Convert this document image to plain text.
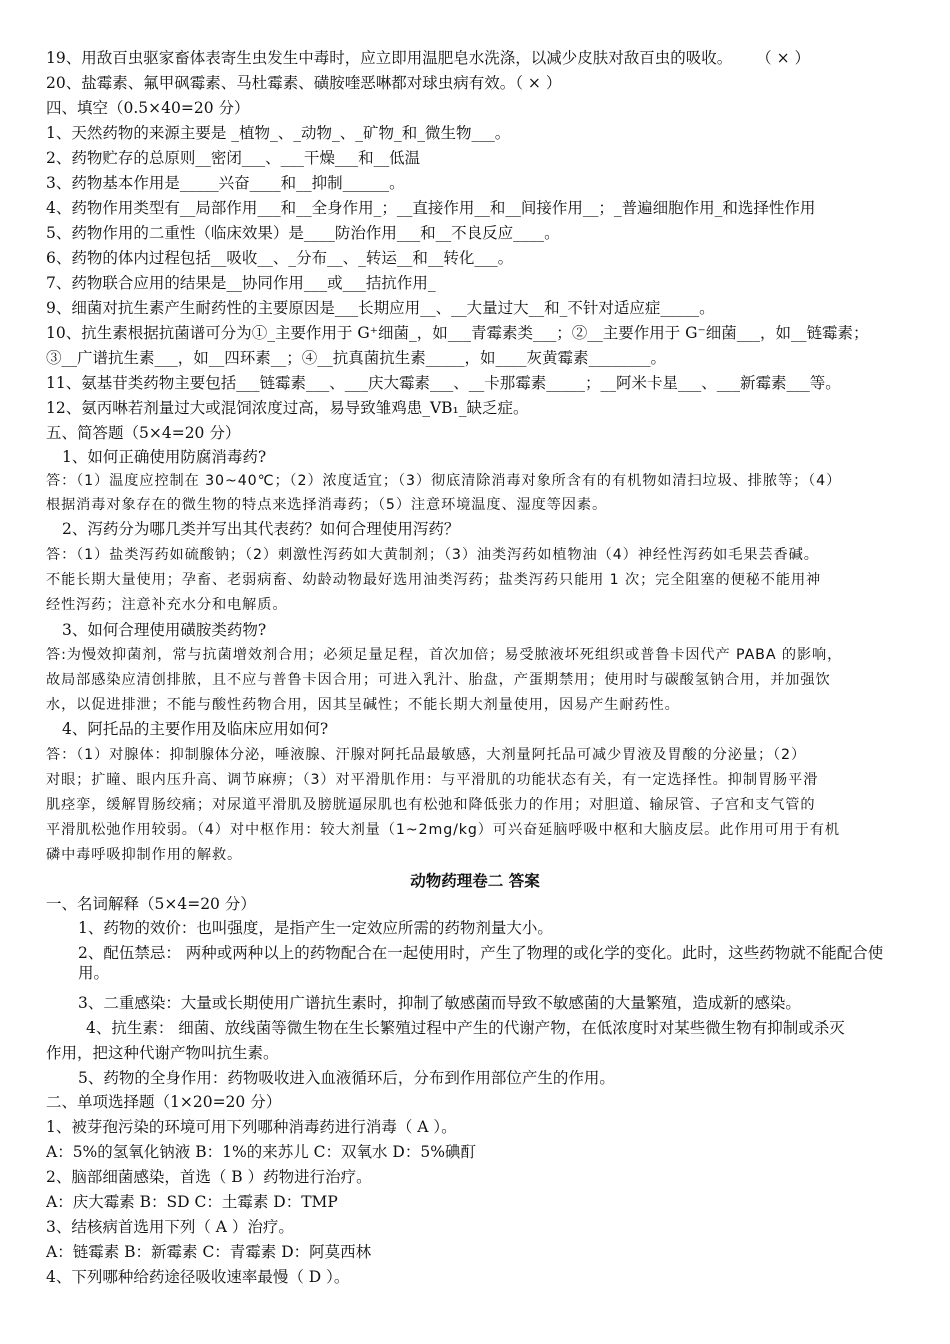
19、用敌百虫驱家畜体表寄生虫发生中毒时，应立即用温肥皂水洗涤，以减少皮肤对敌百虫的吸收。 （ × ）
20、盐霉素、氟甲砜霉素、马杜霉素、磺胺喹恶啉都对球虫病有效。（ × ）
四、填空（0.5×40=20 分）
1、天然药物的来源主要是 _植物_、_动物_、_矿物_和_微生物___。
2、药物贮存的总原则__密闭___、___干燥___和__低温
3、药物基本作用是_____兴奋____和__抑制______。
4、药物作用类型有__局部作用___和__全身作用_；__直接作用__和__间接作用__；_普遍细胞作用_和选择性作用
5、药物作用的二重性（临床效果）是____防治作用___和__不良反应____。
6、药物的体内过程包括__吸收__、_分布__、_转运__和__转化___。
7、药物联合应用的结果是__协同作用___或___拮抗作用_
9、细菌对抗生素产生耐药性的主要原因是___长期应用__、__大量过大__和_不针对适应症_____。
10、抗生素根据抗菌谱可分为①_主要作用于 G⁺细菌_，如___青霉素类___；②__主要作用于 G⁻细菌___，如__链霉素；
③__广谱抗生素___，如__四环素__；④__抗真菌抗生素_____，如____灰黄霉素________。
11、氨基苷类药物主要包括___链霉素___、___庆大霉素___、__卡那霉素_____；__阿米卡星___、___新霉素___等。
12、氨丙啉若剂量过大或混饲浓度过高，易导致雏鸡患_VB₁_缺乏症。
五、简答题（5×4=20 分）
1、如何正确使用防腐消毒药?
答：（1）温度应控制在 30~40℃；（2）浓度适宜；（3）彻底清除消毒对象所含有的有机物如清扫垃圾、排脓等；（4）
根据消毒对象存在的微生物的特点来选择消毒药；（5）注意环境温度、湿度等因素。
2、泻药分为哪几类并写出其代表药？如何合理使用泻药？
答：（1）盐类泻药如硫酸钠；（2）刺激性泻药如大黄制剂；（3）油类泻药如植物油（4）神经性泻药如毛果芸香碱。
不能长期大量使用；孕畜、老弱病畜、幼龄动物最好选用油类泻药；盐类泻药只能用 1 次；完全阻塞的便秘不能用神
经性泻药；注意补充水分和电解质。
3、如何合理使用磺胺类药物?
答:为慢效抑菌剂，常与抗菌增效剂合用；必须足量足程，首次加倍；易受脓液坏死组织或普鲁卡因代产 PABA 的影响，
故局部感染应清创排脓，且不应与普鲁卡因合用；可进入乳汁、胎盘，产蛋期禁用；使用时与碳酸氢钠合用，并加强饮
水，以促进排泄；不能与酸性药物合用，因其呈碱性；不能长期大剂量使用，因易产生耐药性。
4、阿托品的主要作用及临床应用如何?
答：（1）对腺体：抑制腺体分泌，唾液腺、汗腺对阿托品最敏感，大剂量阿托品可减少胃液及胃酸的分泌量；（2）
对眼；扩瞳、眼内压升高、调节麻痹；（3）对平滑肌作用：与平滑肌的功能状态有关，有一定选择性。抑制胃肠平滑
肌痉挛，缓解胃肠绞痛；对尿道平滑肌及膀胱逼尿肌也有松弛和降低张力的作用；对胆道、输尿管、子宫和支气管的
平滑肌松弛作用较弱。（4）对中枢作用：较大剂量（1~2mg/kg）可兴奋延脑呼吸中枢和大脑皮层。此作用可用于有机
磷中毒呼吸抑制作用的解救。
动物药理卷二 答案
一、名词解释（5×4=20 分）
1、药物的效价：也叫强度，是指产生一定效应所需的药物剂量大小。
2、配伍禁忌： 两种或两种以上的药物配合在一起使用时，产生了物理的或化学的变化。此时，这些药物就不能配合使用。
3、二重感染：大量或长期使用广谱抗生素时，抑制了敏感菌而导致不敏感菌的大量繁殖，造成新的感染。
4、抗生素： 细菌、放线菌等微生物在生长繁殖过程中产生的代谢产物，在低浓度时对某些微生物有抑制或杀灭
作用，把这种代谢产物叫抗生素。
5、药物的全身作用：药物吸收进入血液循环后，分布到作用部位产生的作用。
二、单项选择题（1×20=20 分）
1、被芽孢污染的环境可用下列哪种消毒药进行消毒（ A ）。
A：5%的氢氧化钠液 B：1%的来苏儿 C：双氧水 D：5%碘酊
2、脑部细菌感染，首选（ B ）药物进行治疗。
A：庆大霉素 B：SD C：土霉素 D：TMP
3、结核病首选用下列（ A ）治疗。
A：链霉素 B：新霉素 C：青霉素 D：阿莫西林
4、下列哪种给药途径吸收速率最慢（ D ）。
